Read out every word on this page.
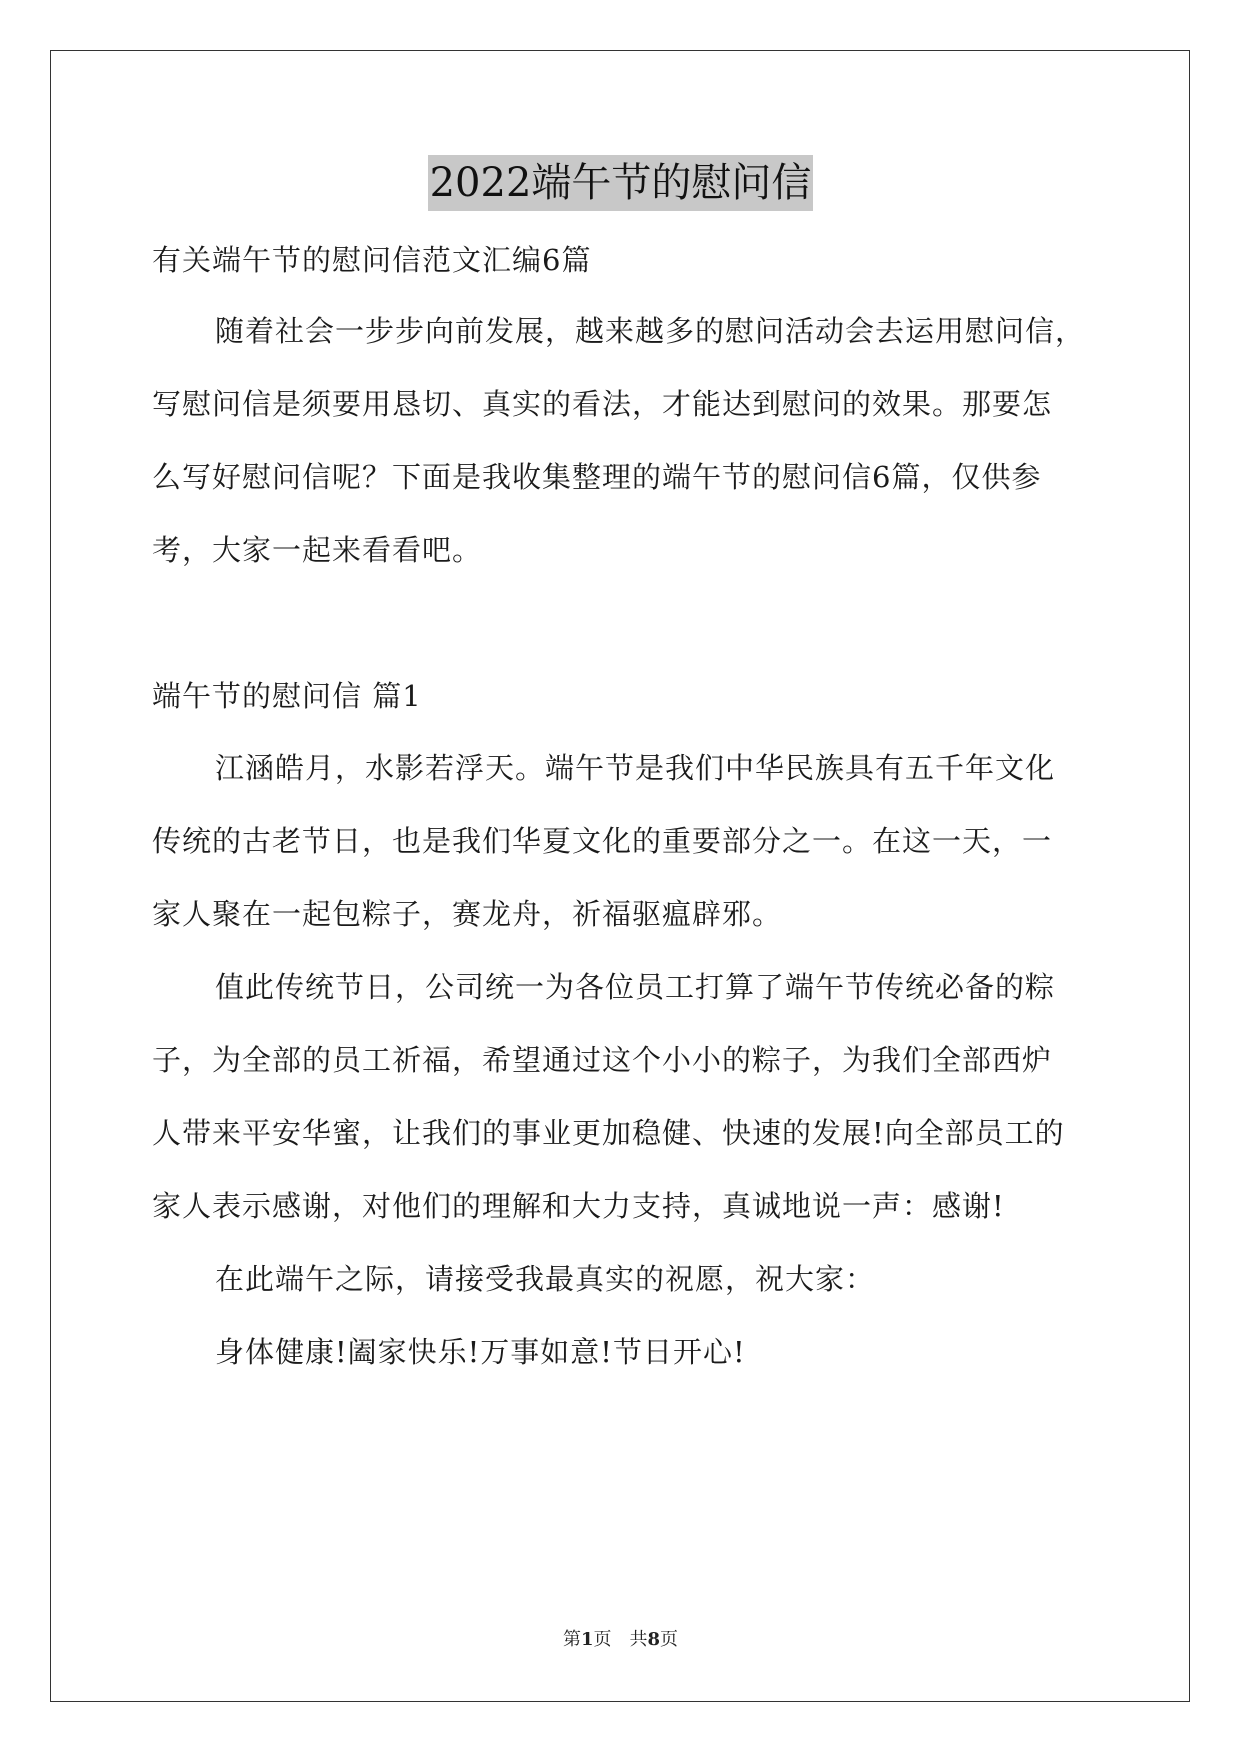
2022端午节的慰问信
有关端午节的慰问信范文汇编6篇
随着社会一步步向前发展，越来越多的慰问活动会去运用慰问信，
写慰问信是须要用恳切、真实的看法，才能达到慰问的效果。那要怎
么写好慰问信呢？下面是我收集整理的端午节的慰问信6篇，仅供参
考，大家一起来看看吧。
端午节的慰问信 篇1
江涵皓月，水影若浮天。端午节是我们中华民族具有五千年文化
传统的古老节日，也是我们华夏文化的重要部分之一。在这一天，一
家人聚在一起包粽子，赛龙舟，祈福驱瘟辟邪。
值此传统节日，公司统一为各位员工打算了端午节传统必备的粽
子，为全部的员工祈福，希望通过这个小小的粽子，为我们全部西炉
人带来平安华蜜，让我们的事业更加稳健、快速的发展!向全部员工的
家人表示感谢，对他们的理解和大力支持，真诚地说一声：感谢!
在此端午之际，请接受我最真实的祝愿，祝大家：
身体健康!阖家快乐!万事如意!节日开心!
第1页 共8页
